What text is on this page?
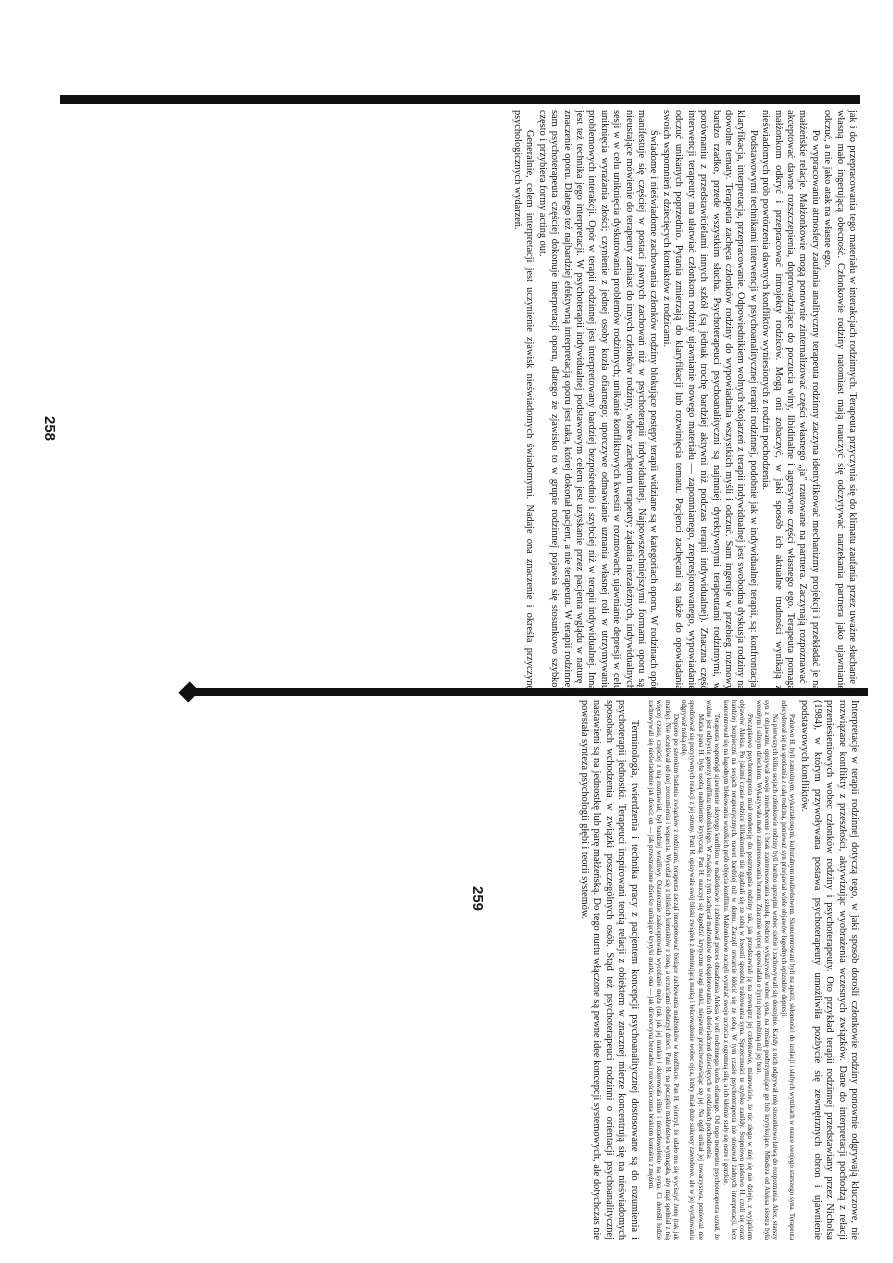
jak i do przepracowania tego materiału w interakcjach rodzinnych. Terapeuta przyczynia się do klimatu zaufania przez uważne słuchanie i własną mało ingerującą obecność. Członkowie rodziny natomiast mają nauczyć się odczytywać narzekania partnera jako ujawnianie odczuć, a nie jako atak na własne ego.

Po wypracowaniu atmosfery zaufania analityczny terapeuta rodzinny zaczyna identyfikować mechanizmy projekcji i przekładać je na małżeńskie relacje. Małżonkowie mogą ponownie zinternalizować części własnego „ja" rzutowane na partnera. Zaczynają rozpoznawać i akceptować dawne rozszczepienia, doprowadzające do poczucia winy, libidinalne i agresywne części własnego ego. Terapeuta pomaga małżonkom odkryć i przepracować introjekty rodziców. Mogą oni zobaczyć, w jaki sposób ich aktualne trudności wynikają z nieświadomych prób powtórzenia dawnych konfliktów wyniesionych z rodzin pochodzenia.

Podstawowymi technikami interwencji w psychoanalitycznej terapii rodzinnej, podobnie jak w indywidualnej terapii, są: konfrontacja, klaryfikacja, interpretacja, przepracowanie. Odpowiednikiem wolnych skojarzeń z terapii indywidualnej jest swobodna dyskusja rodziny na dowolne tematy. Terapeuta zachęca członków rodziny do wypowiadania wszystkich myśli i odczuć. Sam ingeruje w przebieg rozmowy bardzo rzadko, przede wszystkim słucha. Psychoterapeuci psychoanalityczni są najmniej dyrektywnymi terapeutami rodzinnymi, w porównaniu z przedstawicielami innych szkół (są jednak trochę bardziej aktywni niż podczas terapii indywidualnej). Znaczna część interwencji terapeuty ma ułatwiać członkom rodziny ujawnianie nowego materiału — zapomnianego, zrepresjonowanego, wypowiadanie odczuć unikanych poprzednio. Pytania zmierzają do klaryfikacji lub rozwinięcia tematu. Pacjenci zachęcani są także do opowiadania swoich wspomnień z dziecięcych kontaktów z rodzicami.

Świadome i nieświadome zachowania członków rodziny blokujące postępy terapii widziane są w kategoriach oporu. W rodzinach opór manifestuje się częściej w postaci jawnych zachowań niż w psychoterapii indywidualnej. Najpowszechniejszymi formami oporu są: nieustające mówienie do terapeuty zamiast do innych członków rodziny, wbrew zachętom terapeuty; żądania niezależnych, indywidualnych sesji w w celu uniknięcia dyskutowania problemów rodzinnych; unikanie konfliktowych kwestii w rozmowach; ujawnianie depresji w celu uniknięcia wyrażania złości; czynienie z jednej osoby kozła ofiarnego; uporczywe odmawianie uznania własnej roli w utrzymywaniu problemowych interakcji. Opór w terapii rodzinnej jest interpretowany bardziej bezpośrednio i szybciej niż w terapii indywidualnej. Inna jest też technika jego interpretacji. W psychoterapii indywidualnej podstawowym celem jest uzyskanie przez pacjenta wglądu w naturę i znaczenie oporu. Dlatego też najbardziej efektywną interpretacją oporu jest taka, której dokonał pacjent, a nie terapeuta. W terapii rodzinnej sam psychoterapeuta częściej dokonuje interpretacji oporu, dlatego że zjawisko to w grupie rodzinnej pojawia się stosunkowo szybko, często i przybiera formy acting out.

Generalnie, celem interpretacji jest uczynienie zjawisk nieświadomych świadomymi. Nadaje ona znaczenie i określa przyczynę psychologicznych wydarzeń.

258

Interpretacje w terapii rodzinnej dotyczą tego, w jaki sposób dorośli członkowie rodziny ponownie odgrywają kluczowe, nie rozwiązane konflikty z przeszłości, aktywizując wyobrażenia wczesnych związków. Dane do interpretacji pochodzą z relacji przeniesieniowych wobec członków rodziny i psychoterapeuty. Oto przykład terapii rodzinnej przedstawiany przez Nicholsa (1984), w którym przywoływana postawa psychoterapeuty umożliwiła pozbycie się zewnętrznych obron i ujawnienie podstawowych konfliktów.

Państwo H. byli zamożnym, wykształconym, kulturalnym małżeństwem. Skoncentrowani byli na apatii, skłonności do izolacji i słabych wynikach w nauce swojego starszego syna. Terapeuta zdecydował się na spotkania z całą rodziną, ponieważ syn przejawiał wiele objawów łagodnych epizodów depresji.

Na pierwszych kilku sesjach członkowie rodziny byli bardzo uprzejmi wobec siebie i zachowywali się dostojnie. Każdy z nich odgrywał rolę stosunkowo łatwą do rozpoznania. Alex, starszy syn z objawami, opisywał swoje zniechęcenie i brak zainteresowania szkołą. Rodzice wykazywali wobec syna, na zmianę podtrzymujące go lub krytykujące. Młodsza od Aleksa siostra była wesołym i silnym dzieckiem. Wykazywała mało zainteresowania bratem. Znacznie więcej opowiadała o życiu poza rodziną niż jej brat.

Początkowo psychoterapeuta miał tendencję do postrzegania rodziny tak, jak przedstawiali ją na zewnątrz jej członkowie, mianowicie, że nic złego w niej się nie dzieje, z wyjątkiem objawów Aleksa. Po jakimś czasie rodzice kilkakrotnie nie zgadzali się ze sobą w kwestii sposobu traktowania syna. Sprzeczności te szybko zanikły. Stopniowo państwo H. czuli się coraz bardziej bezpieczni na sesjach terapeutycznych, nawet bardziej niż w domu. Zaczęli otwarcie kłócić się ze sobą. W tym czasie psychoterapeuta nie stosował żadnych interpretacji, lecz koncentrował się na łagodnym blokowaniu wszelkich prób objęcia konfliktu. Małżonkowie zaczęli wyrażać swoje uczucia z ogromną siłą, a ich kłótnie stały się ostre i gorzkie.

Terapeuta wspomógł ujawnienie ukrytego konfliktu w małżeństwie i zablokował proces obsadzania Aleksa w roli rodzinnego kozła ofiarnego. Od tego momentu psychoterapeuta uznał, że ważne jest odkrycie genezy konfliktu małżeńskiego. W związku z tym zachęcał małżonków do eksplorowania ich doświadczeń dziecięcych w rodzinach pochodzenia.

Matka pana H. była osobą nadmiernie krytyczną. Pan H. nauczył się łagodzić krytyczne uwagi matki, niejawnie przeciwstawiając się jej. Na ogół unikał jej towarzystwa, ponieważ nie spodziewał się pozytywnych reakcji z jej strony. Pani H. opisywała swój bliski związek z dominującą matką i lekceważenie wobec ojca, który miał duże sukcesy zawodowe, ale w jej wychowaniu odgrywał niską rolę.

Dopiero po szerokim badaniu związków z rodzicami, terapeuta zaczął interpretować bieżące zachowania małżonków w konflikcie. Pan H. wierzył, że udało mu się wyciszyć żonę (tak jak matkę). Nie oczekiwał od niej zrozumienia i wsparcia. Wycofał się z bliskich kontaktów z żoną, a uczuciami obdarzył dzieci. Pani H. na początku małżeństwa wymagała, aby mąż spełniał z nią więcej czasu, częściej z nią rozmawiał, był bardziej wrażliwy. Ostatecznie zaakceptowała wycofanie męża (tak jak jej matka) i skierowała silnie i niezadowolenie na syna. Ci dorośli ludzie zachowywali się nieświadomie jak dzieci: on — jak przestraszone dziecko unikające krytyki matki, ona — jak dziewczyna bezradna i rozwścieczona brakiem kontaktu z mężem.

Terminologia, twierdzenia i technika pracy z pacjentem koncepcji psychoanalitycznej dostosowane są do rozumienia i psychoterapii jednostki. Terapeuci inspirowani teorią relacji z obiektem w znacznej mierze koncentrują się na nieświadomych sposobach wchodzenia w związki poszczególnych osób. Stąd też psychoterapeuci rodzinni o orientacji psychoanalitycznej nastawieni są na jednostkę lub parę małżeńską. Do tego nurtu włączone są pewne idee koncepcji systemowych, ale dotychczas nie powstała synteza psychologii głębi i teorii systemów.

259
